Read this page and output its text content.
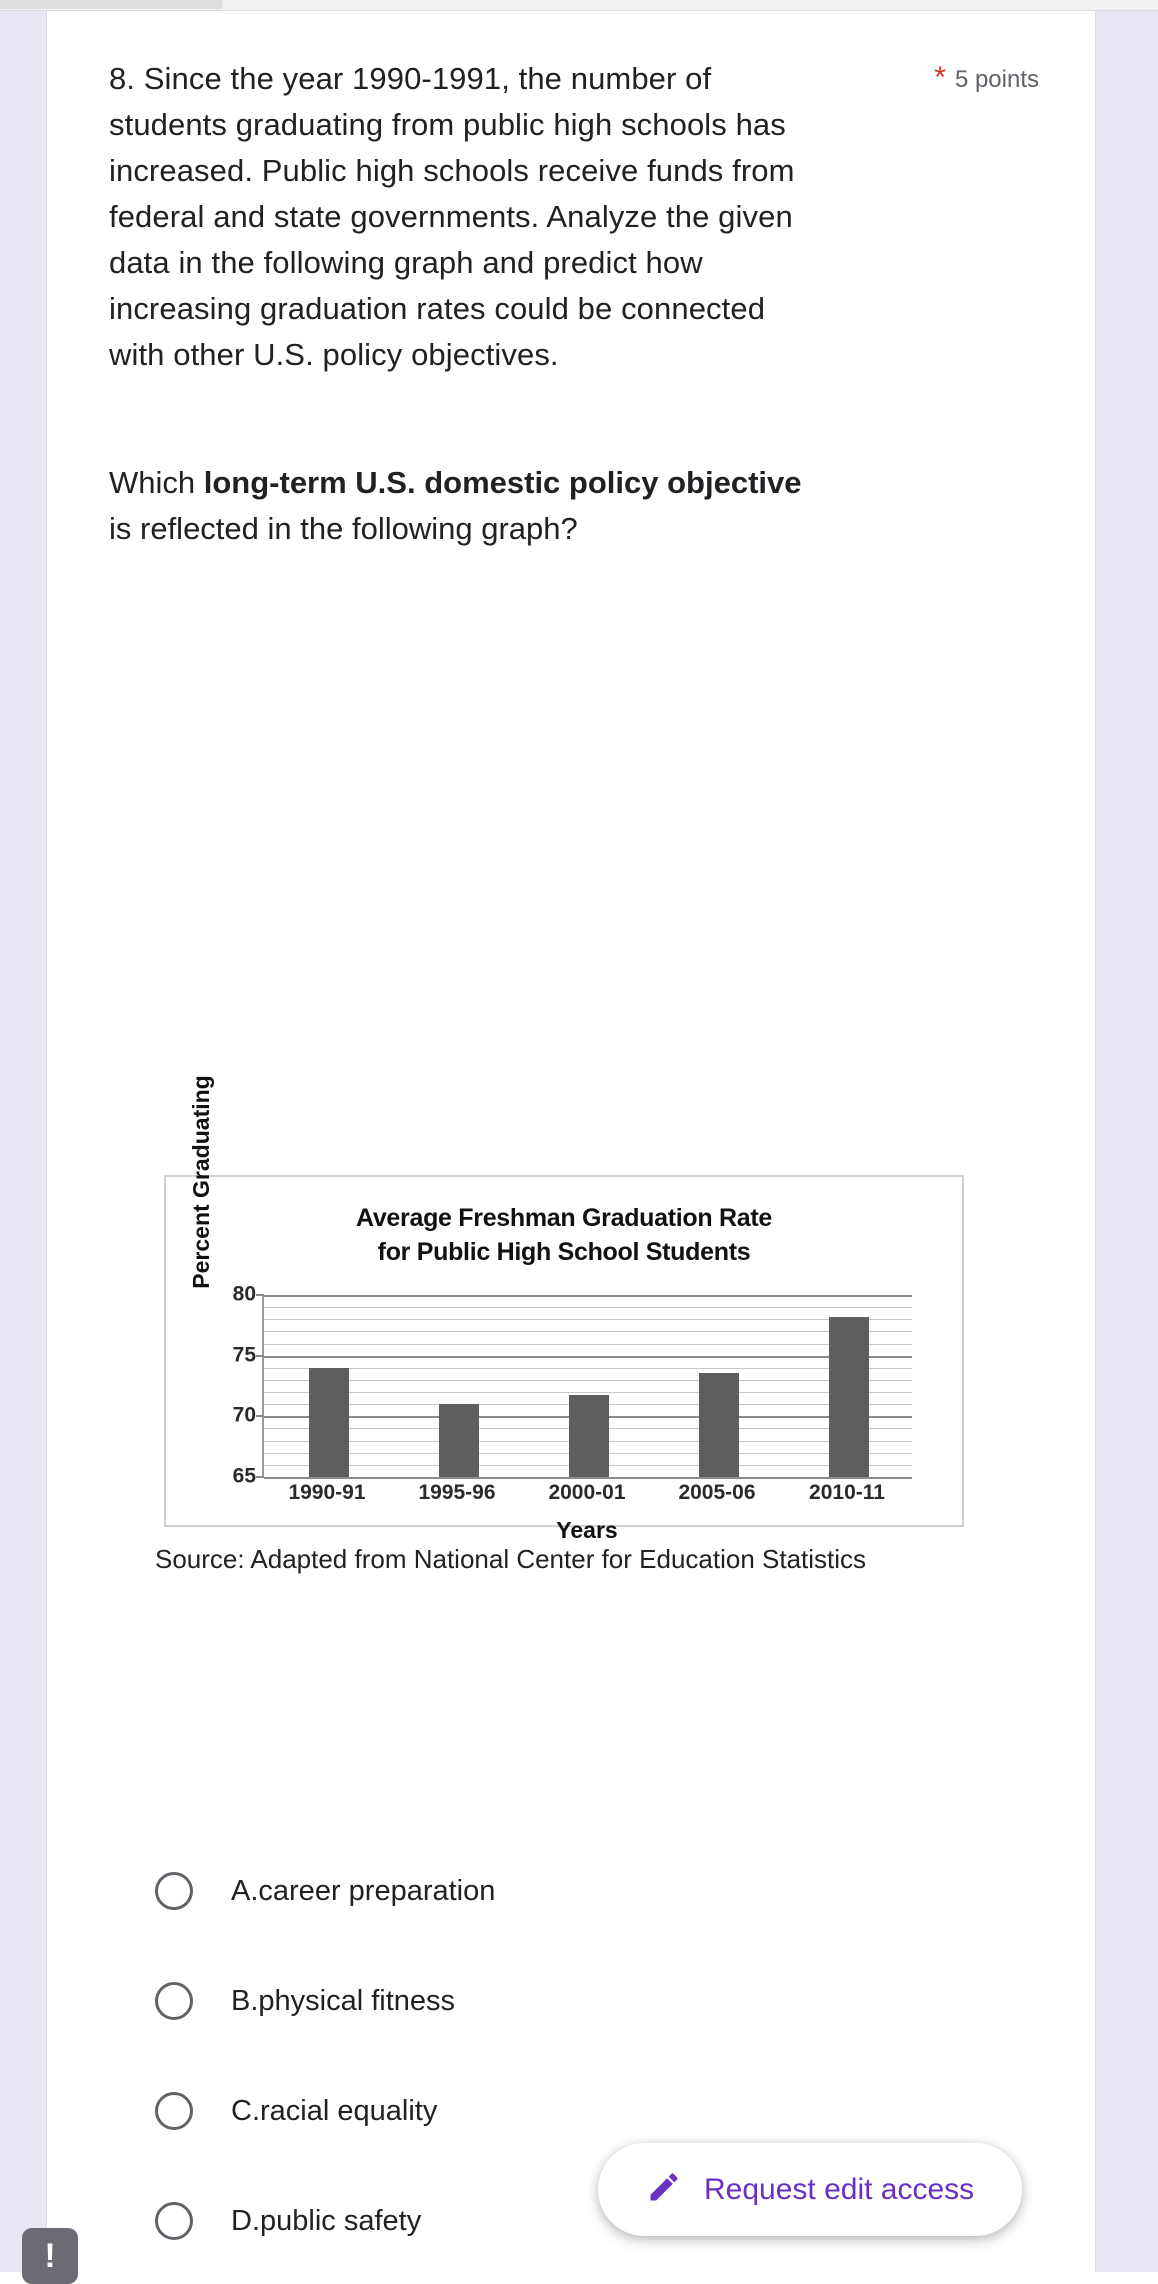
8. Since the year 1990-1991, the number of students graduating from public high schools has increased. Public high schools receive funds from federal and state governments. Analyze the given data in the following graph and predict how increasing graduation rates could be connected with other U.S. policy objectives.
* 5 points
Which long-term U.S. domestic policy objective is reflected in the following graph?
Average Freshman Graduation Rate
for Public High School Students
Percent Graduating
65
70
75
80
1990-91	1995-96	2000-01	2005-06	2010-11
Years
Source: Adapted from National Center for Education Statistics
A.career preparation
B.physical fitness
C.racial equality
D.public safety
Request edit access
!
